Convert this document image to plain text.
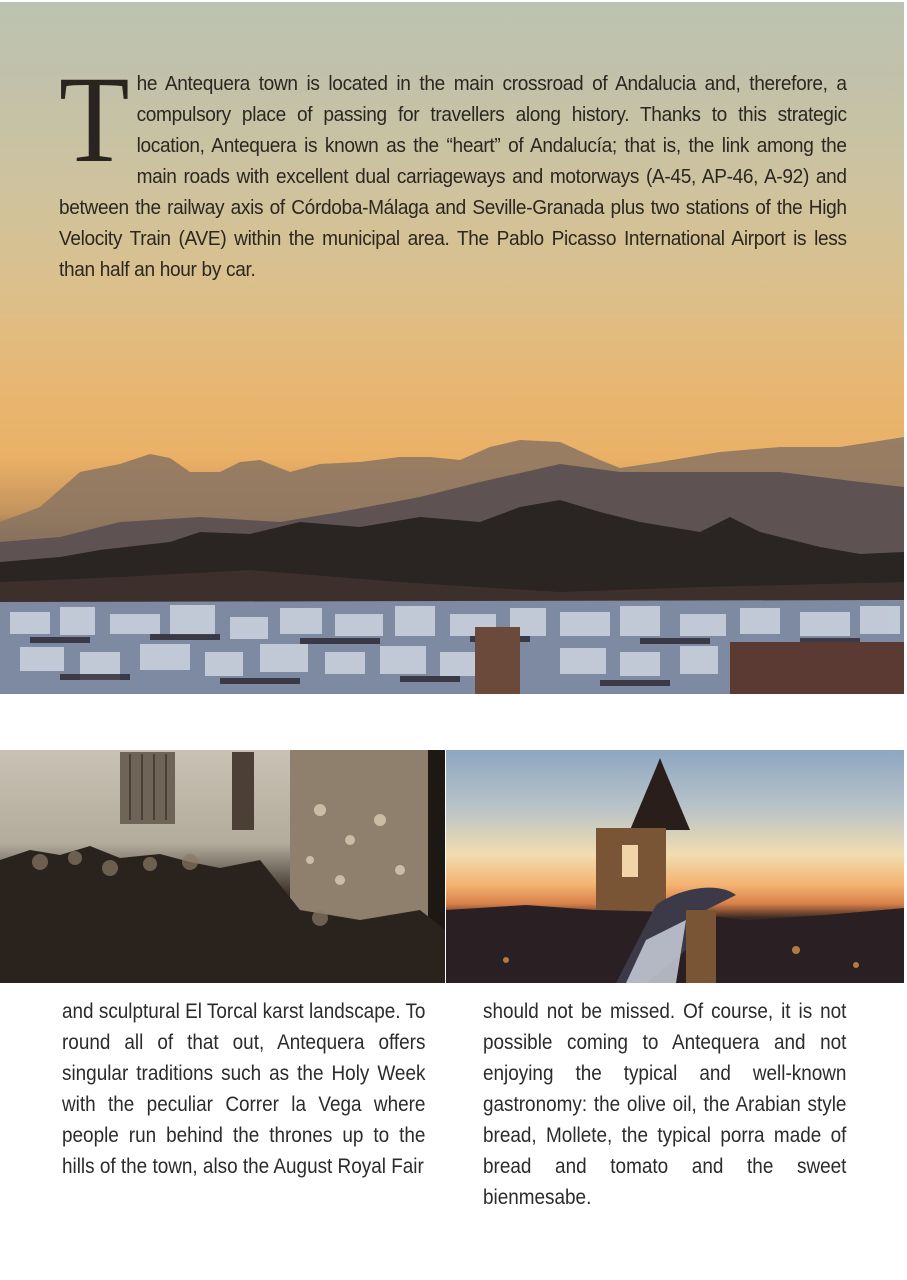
The Antequera town is located in the main crossroad of Andalucia and, therefore, a compulsory place of passing for travellers along history. Thanks to this strategic location, Antequera is known as the “heart” of Andalucía; that is, the link among the main roads with excellent dual carriageways and motorways (A-45, AP-46, A-92) and between the railway axis of Córdoba-Málaga and Seville-Granada plus two stations of the High Velocity Train (AVE) within the municipal area. The Pablo Picasso International Airport is less than half an hour by car.
and sculptural El Torcal karst landscape. To round all of that out, Antequera offers singular traditions such as the Holy Week with the peculiar Correr la Vega where people run behind the thrones up to the hills of the town, also the August Royal Fair
should not be missed. Of course, it is not possible coming to Antequera and not enjoying the typical and well-known gastronomy: the olive oil, the Arabian style bread, Mollete, the typical porra made of bread and tomato and the sweet bienmesabe.
